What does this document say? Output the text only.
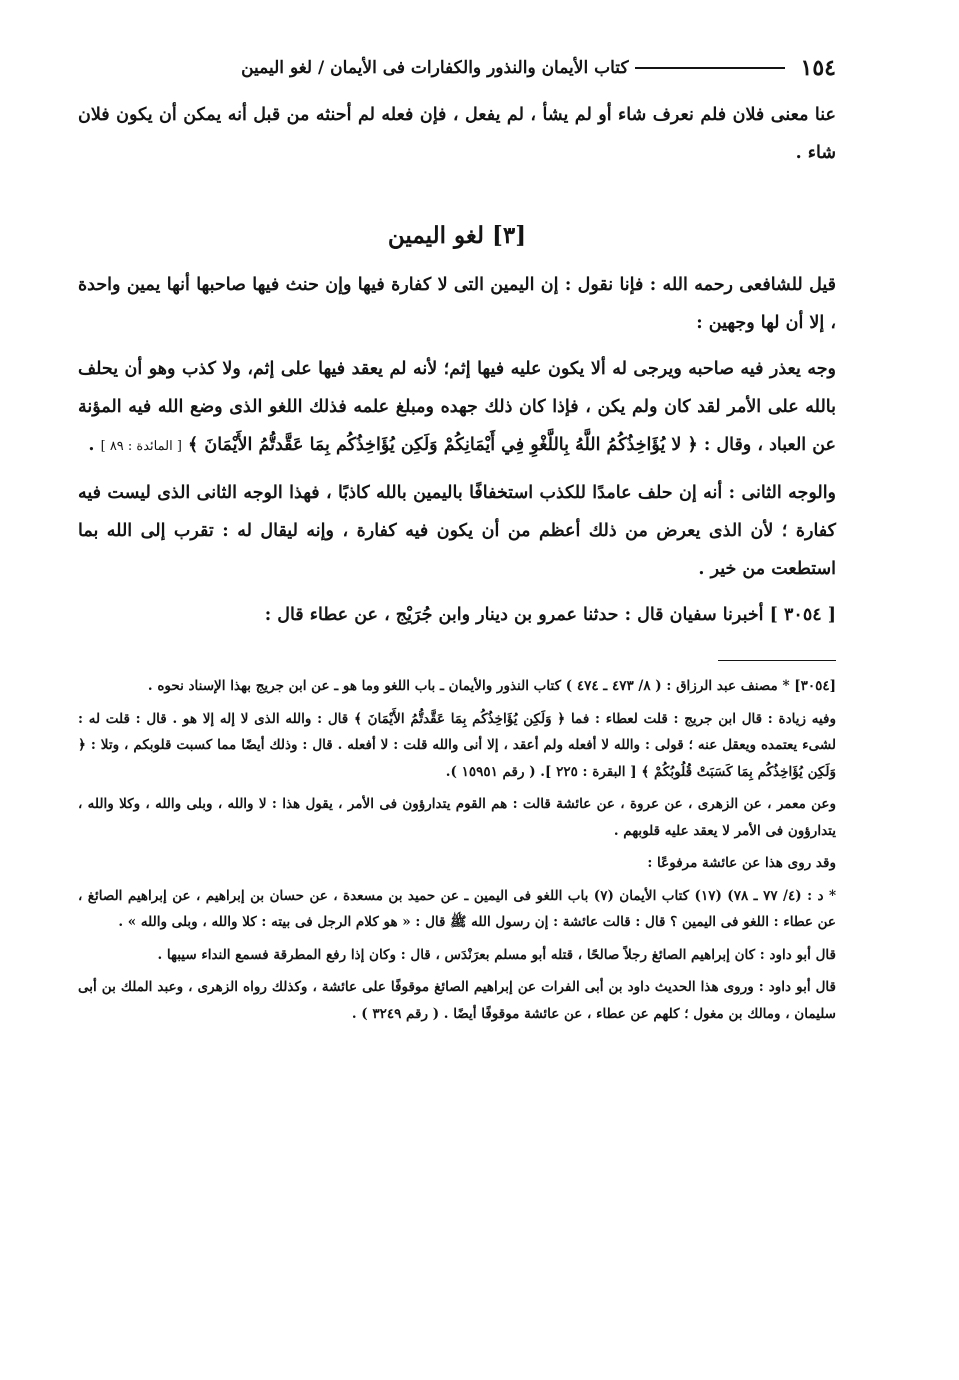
١٥٤
كتاب الأيمان والنذور والكفارات فى الأيمان / لغو اليمين

عنا معنى فلان فلم نعرف شاء أو لم يشأ ، لم يفعل ، فإن فعله لم أحنثه من قبل أنه يمكن أن يكون فلان شاء .

[٣] لغو اليمين

قيل للشافعى رحمه الله : فإنا نقول : إن اليمين التى لا كفارة فيها وإن حنث فيها صاحبها أنها يمين واحدة ، إلا أن لها وجهين :

وجه يعذر فيه صاحبه ويرجى له ألا يكون عليه فيها إثم؛ لأنه لم يعقد فيها على إثم، ولا كذب وهو أن يحلف بالله على الأمر لقد كان ولم يكن ، فإذا كان ذلك جهده ومبلغ علمه فذلك اللغو الذى وضع الله فيه المؤنة عن العباد ، وقال : ﴿ لا يُؤَاخِذُكُمُ اللَّهُ بِاللَّغْوِ فِي أَيْمَانِكُمْ وَلَكِن يُؤَاخِذُكُم بِمَا عَقَّدتُّمُ الأَيْمَانَ ﴾ [ المائدة : ٨٩ ] .

والوجه الثانى : أنه إن حلف عامدًا للكذب استخفافًا باليمين بالله كاذبًا ، فهذا الوجه الثانى الذى ليست فيه كفارة ؛ لأن الذى يعرض من ذلك أعظم من أن يكون فيه كفارة ، وإنه ليقال له : تقرب إلى الله بما استطعت من خير .

[ ٣٠٥٤ ] أخبرنا سفيان قال : حدثنا عمرو بن دينار وابن جُرَيْج ، عن عطاء قال :

[٣٠٥٤] * مصنف عبد الرزاق : ( ٨/ ٤٧٣ ـ ٤٧٤ ) كتاب النذور والأيمان ـ باب اللغو وما هو ـ عن ابن جريج بهذا الإسناد نحوه .

وفيه زيادة : قال ابن جريج : قلت لعطاء : فما ﴿ وَلَكِن يُؤَاخِذُكُم بِمَا عَقَّدتُّمُ الأَيْمَانَ ﴾ قال : والله الذى لا إله إلا هو . قال : قلت له : لشىء يعتمده ويعقل عنه ؛ قولى : والله لا أفعله ولم أعقد ، إلا أنى والله قلت : لا أفعله . قال : وذلك أيضًا مما كسبت قلوبكم ، وتلا : ﴿ وَلَكِن يُؤَاخِذُكُم بِمَا كَسَبَتْ قُلُوبُكُمْ ﴾ [ البقرة : ٢٢٥ ]. ( رقم ١٥٩٥١ ).

وعن معمر ، عن الزهرى ، عن عروة ، عن عائشة قالت : هم القوم يتدارؤون فى الأمر ، يقول هذا : لا والله ، وبلى والله ، وكلا والله ، يتدارؤون فى الأمر لا يعقد عليه قلوبهم .

وقد روى هذا عن عائشة مرفوعًا :

* د : (٤/ ٧٧ ـ ٧٨) (١٧) كتاب الأيمان (٧) باب اللغو فى اليمين ـ عن حميد بن مسعدة ، عن حسان بن إبراهيم ، عن إبراهيم الصائغ ، عن عطاء : اللغو فى اليمين ؟ قال : قالت عائشة : إن رسول الله ﷺ قال : « هو كلام الرجل فى بيته : كلا والله ، وبلى والله » .

قال أبو داود : كان إبراهيم الصائغ رجلاً صالحًا ، قتله أبو مسلم بعرَنْدَس ، قال : وكان إذا رفع المطرقة فسمع النداء سيبها .

قال أبو داود : وروى هذا الحديث داود بن أبى الفرات عن إبراهيم الصائغ موقوفًا على عائشة ، وكذلك رواه الزهرى ، وعبد الملك بن أبى سليمان ، ومالك بن مغول ؛ كلهم عن عطاء ، عن عائشة موقوفًا أيضًا . ( رقم ٣٢٤٩ ) .
